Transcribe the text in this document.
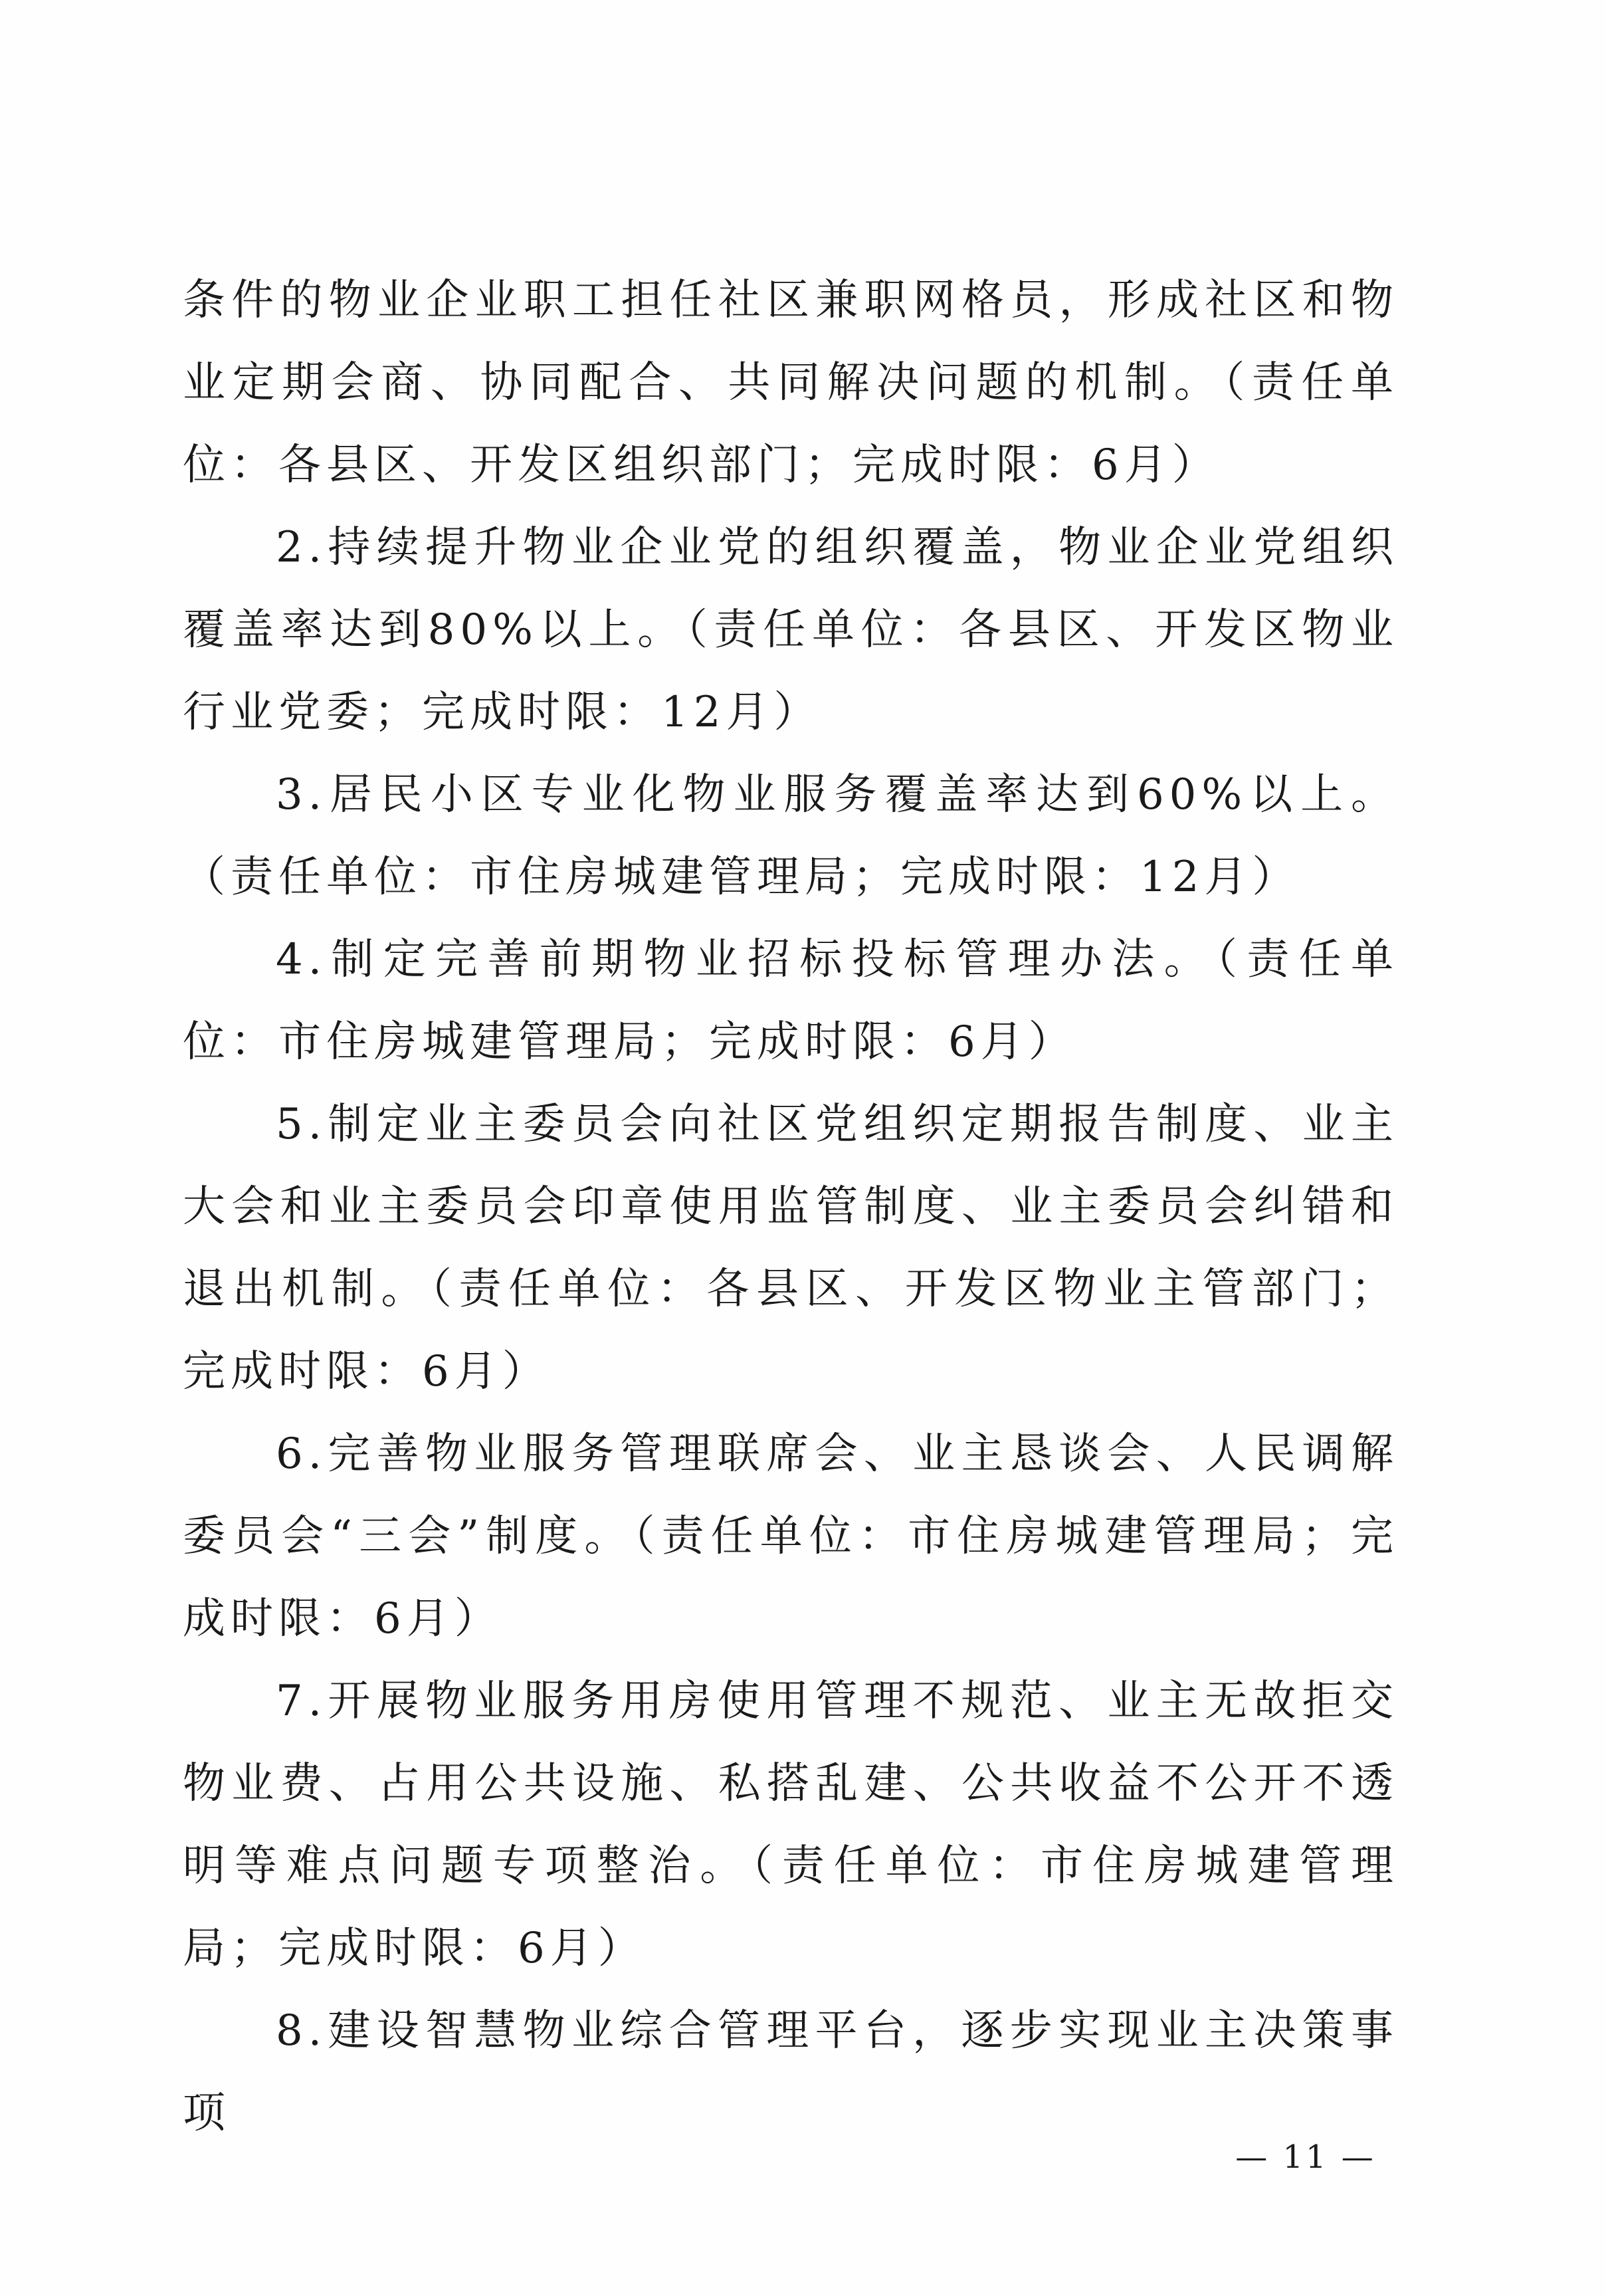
条件的物业企业职工担任社区兼职网格员，形成社区和物业定期会商、协同配合、共同解决问题的机制。（责任单位：各县区、开发区组织部门；完成时限：6月）

2.持续提升物业企业党的组织覆盖，物业企业党组织覆盖率达到80%以上。（责任单位：各县区、开发区物业行业党委；完成时限：12月）

3.居民小区专业化物业服务覆盖率达到60%以上。（责任单位：市住房城建管理局；完成时限：12月）

4.制定完善前期物业招标投标管理办法。（责任单位：市住房城建管理局；完成时限：6月）

5.制定业主委员会向社区党组织定期报告制度、业主大会和业主委员会印章使用监管制度、业主委员会纠错和退出机制。（责任单位：各县区、开发区物业主管部门；完成时限：6月）

6.完善物业服务管理联席会、业主恳谈会、人民调解委员会“三会”制度。（责任单位：市住房城建管理局；完成时限：6月）

7.开展物业服务用房使用管理不规范、业主无故拒交物业费、占用公共设施、私搭乱建、公共收益不公开不透明等难点问题专项整治。（责任单位：市住房城建管理局；完成时限：6月）

8.建设智慧物业综合管理平台，逐步实现业主决策事项

— 11 —
